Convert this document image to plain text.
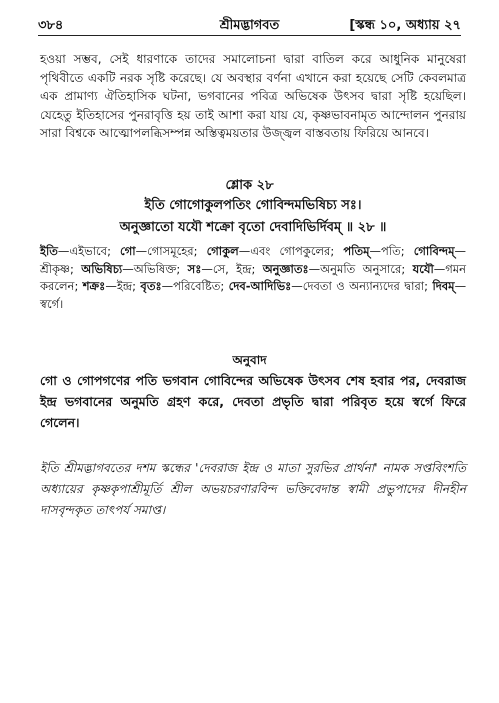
৩৮৪	শ্রীমদ্ভাগবত	[স্কন্ধ ১০, অধ্যায় ২৭

হওয়া সম্ভব, সেই ধারণাকে তাদের সমালোচনা দ্বারা বাতিল করে আধুনিক মানুষেরা পৃথিবীতে একটি নরক সৃষ্টি করেছে। যে অবস্থার বর্ণনা এখানে করা হয়েছে সেটি কেবলমাত্র এক প্রামাণ্য ঐতিহাসিক ঘটনা, ভগবানের পবিত্র অভিষেক উৎসব দ্বারা সৃষ্টি হয়েছিল। যেহেতু ইতিহাসের পুনরাবৃত্তি হয় তাই আশা করা যায় যে, কৃষ্ণভাবনামৃত আন্দোলন পুনরায় সারা বিশ্বকে আত্মোপলব্ধিসম্পন্ন অস্তিত্বময়তার উজ্জ্বল বাস্তবতায় ফিরিয়ে আনবে।

শ্লোক ২৮
ইতি গোগোকুলপতিং গোবিন্দমভিষিচ্য সঃ।
অনুজ্ঞাতো যযৌ শক্রো বৃতো দেবাদিভির্দিবম্ ॥ ২৮ ॥
ইতি—এইভাবে; গো—গোসমূহের; গোকুল—এবং গোপকুলের; পতিম্—পতি; গোবিন্দম্—শ্রীকৃষ্ণ; অভিষিচ্য—অভিষিক্ত; সঃ—সে, ইন্দ্র; অনুজ্ঞাতঃ—অনুমতি অনুসারে; যযৌ—গমন করলেন; শক্রঃ—ইন্দ্র; বৃতঃ—পরিবেষ্টিত; দেব-আদিভিঃ—দেবতা ও অন্যান্যদের দ্বারা; দিবম্—স্বর্গে।
অনুবাদ

গো ও গোপগণের পতি ভগবান গোবিন্দের অভিষেক উৎসব শেষ হবার পর, দেবরাজ ইন্দ্র ভগবানের অনুমতি গ্রহণ করে, দেবতা প্রভৃতি দ্বারা পরিবৃত হয়ে স্বর্গে ফিরে গেলেন।

ইতি শ্রীমদ্ভাগবতের দশম স্কন্ধের 'দেবরাজ ইন্দ্র ও মাতা সুরভির প্রার্থনা' নামক সপ্তবিংশতি অধ্যায়ের কৃষ্ণকৃপাশ্রীমূর্তি শ্রীল অভয়চরণারবিন্দ ভক্তিবেদান্ত স্বামী প্রভুপাদের দীনহীন দাসবৃন্দকৃত তাৎপর্য সমাপ্ত।
